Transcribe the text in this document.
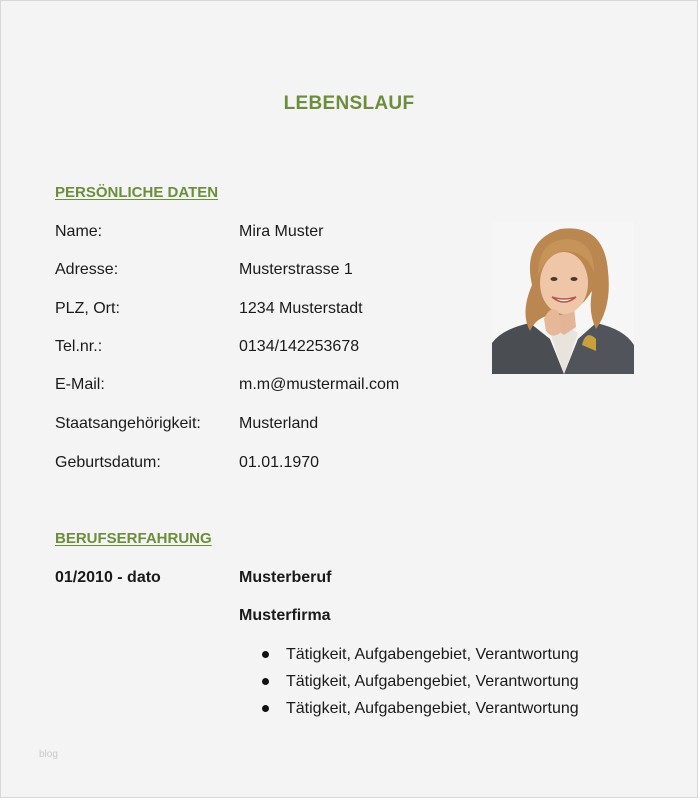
LEBENSLAUF
PERSÖNLICHE DATEN
Name:	Mira Muster
Adresse:	Musterstrasse 1
PLZ, Ort:	1234 Musterstadt
Tel.nr.:	0134/142253678
E-Mail:	m.m@mustermail.com
Staatsangehörigkeit: Musterland
Geburtsdatum:	01.01.1970
BERUFSERFAHRUNG
01/2010 - dato	Musterberuf
Musterfirma
Tätigkeit, Aufgabengebiet, Verantwortung
Tätigkeit, Aufgabengebiet, Verantwortung
Tätigkeit, Aufgabengebiet, Verantwortung
blog
